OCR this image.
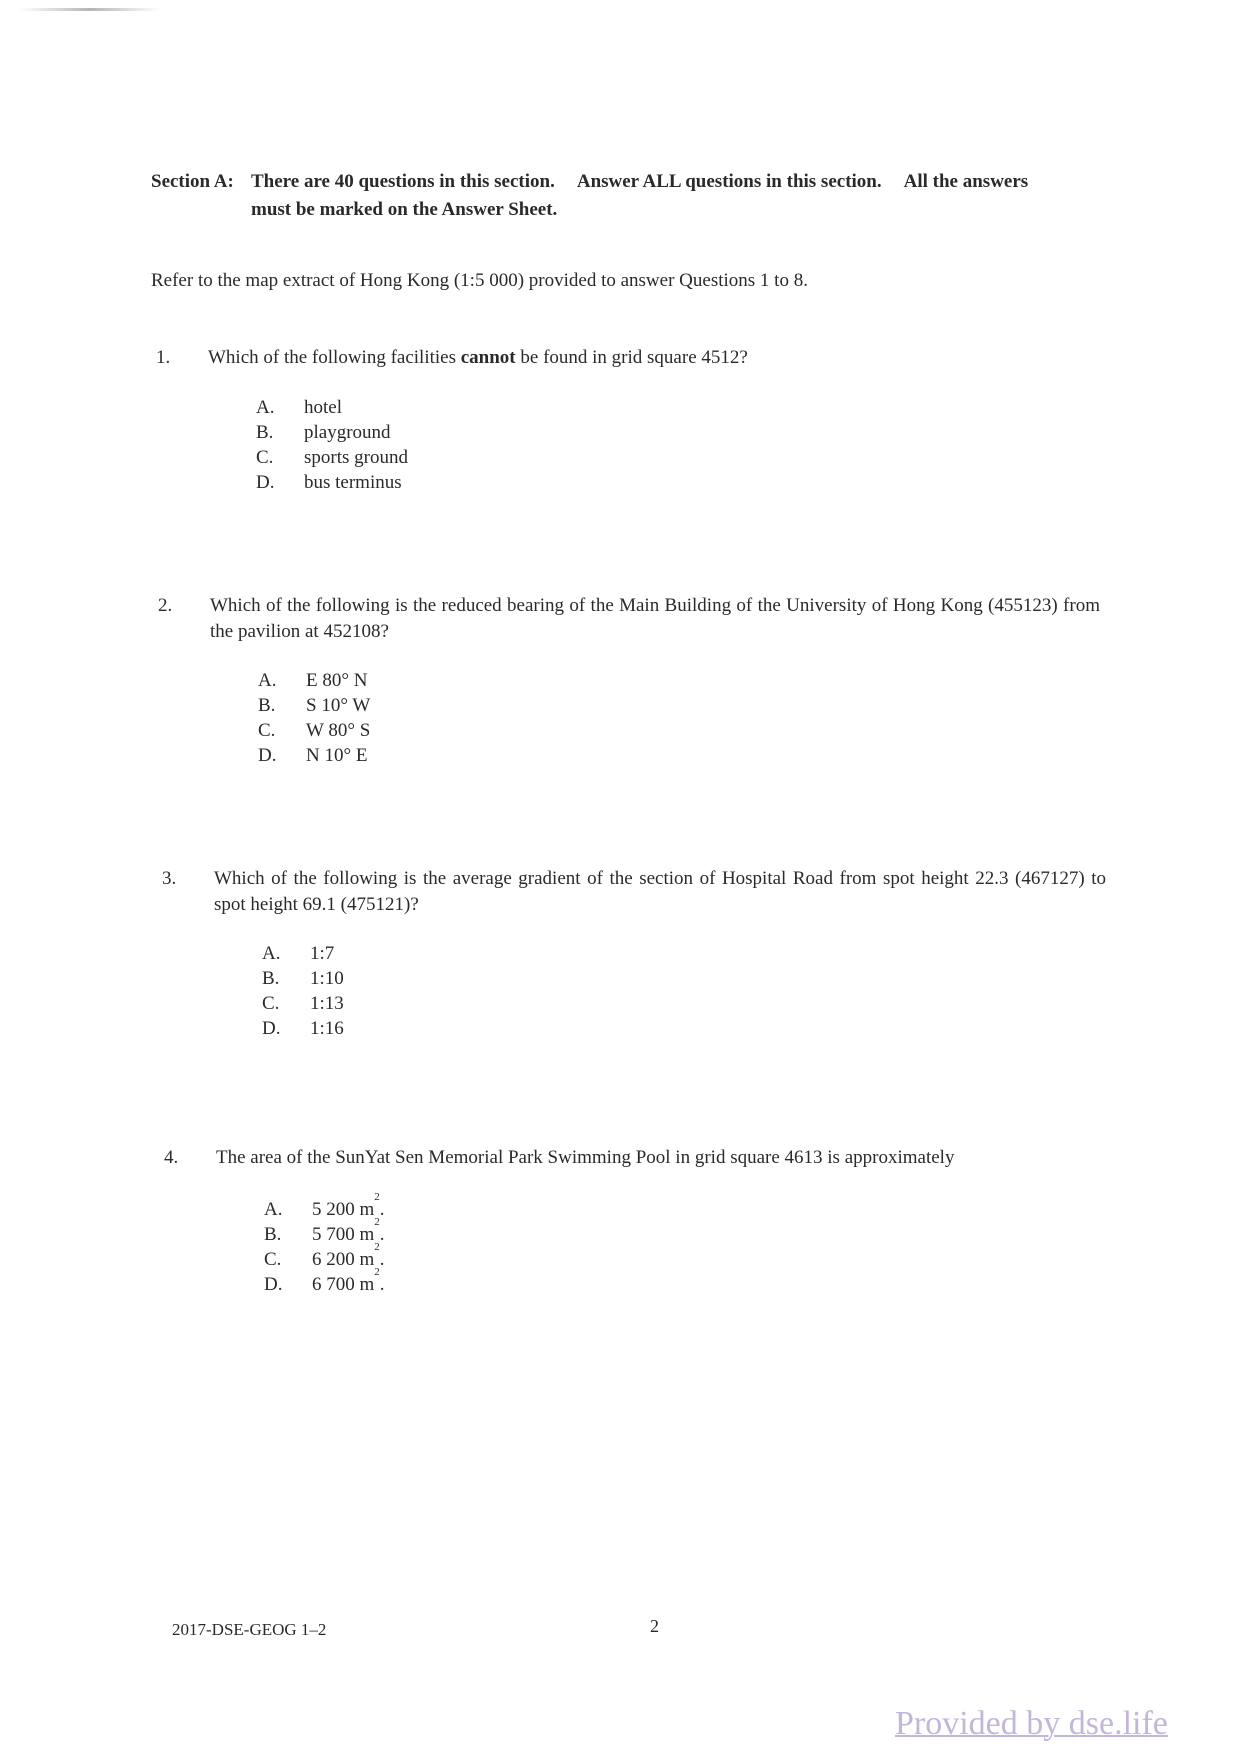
Section A: There are 40 questions in this section. Answer ALL questions in this section. All the answers
must be marked on the Answer Sheet.
Refer to the map extract of Hong Kong (1:5 000) provided to answer Questions 1 to 8.
1. Which of the following facilities cannot be found in grid square 4512?
A.	hotel
B.	playground
C.	sports ground
D.	bus terminus
2. Which of the following is the reduced bearing of the Main Building of the University of Hong Kong (455123) from the pavilion at 452108?
A.	E 80° N
B.	S 10° W
C.	W 80° S
D.	N 10° E
3. Which of the following is the average gradient of the section of Hospital Road from spot height 22.3 (467127) to spot height 69.1 (475121)?
A.	1:7
B.	1:10
C.	1:13
D.	1:16
4. The area of the SunYat Sen Memorial Park Swimming Pool in grid square 4613 is approximately
A.	5 200
m
2
.
B.	5 700
m
2
.
C.	6 200
m
2
.
D.	6 700
m
2
.
2017-DSE-GEOG 1–2	2
Provided by dse.life
